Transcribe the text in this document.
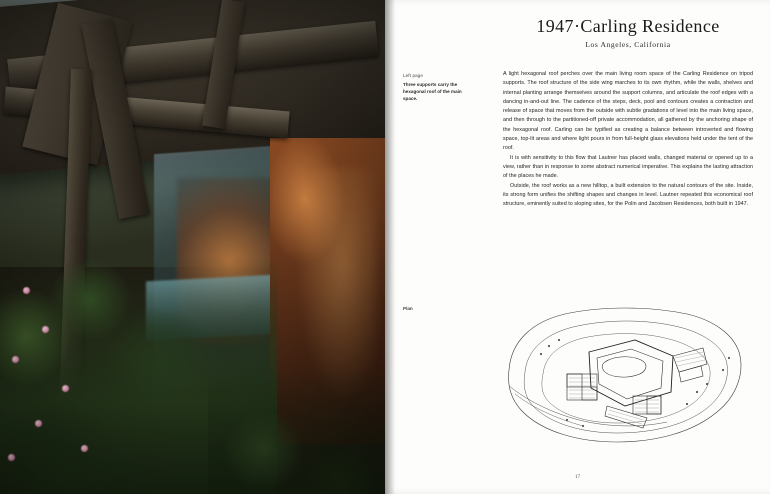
1947·Carling Residence
Los Angeles, California
Left page
Three supports carry the hexagonal roof of the main space.
Plan

A light hexagonal roof perches over the main living room space of the Carling Residence on tripod supports. The roof structure of the side wing marches to its own rhythm, while the walls, shelves and internal planting arrange themselves around the support columns, and articulate the roof edges with a dancing in-and-out line. The cadence of the steps, deck, pool and contours creates a contraction and release of space that moves from the outside with subtle gradations of level into the main living space, and then through to the partitioned-off private accommodation, all gathered by the anchoring shape of the hexagonal roof. Carling can be typified as creating a balance between introverted and flowing space, top-lit areas and where light pours in from full-height glass elevations held under the tent of the roof.

It is with sensitivity to this flow that Lautner has placed walls, changed material or opened up to a view, rather than in response to some abstract numerical imperative. This explains the lasting attraction of the places he made.

Outside, the roof works as a new hilltop, a built extension to the natural contours of the site. Inside, its strong form unifies the shifting shapes and changes in level. Lautner repeated this economical roof structure, eminently suited to sloping sites, for the Polin and Jacobsen Residences, both built in 1947.

17
